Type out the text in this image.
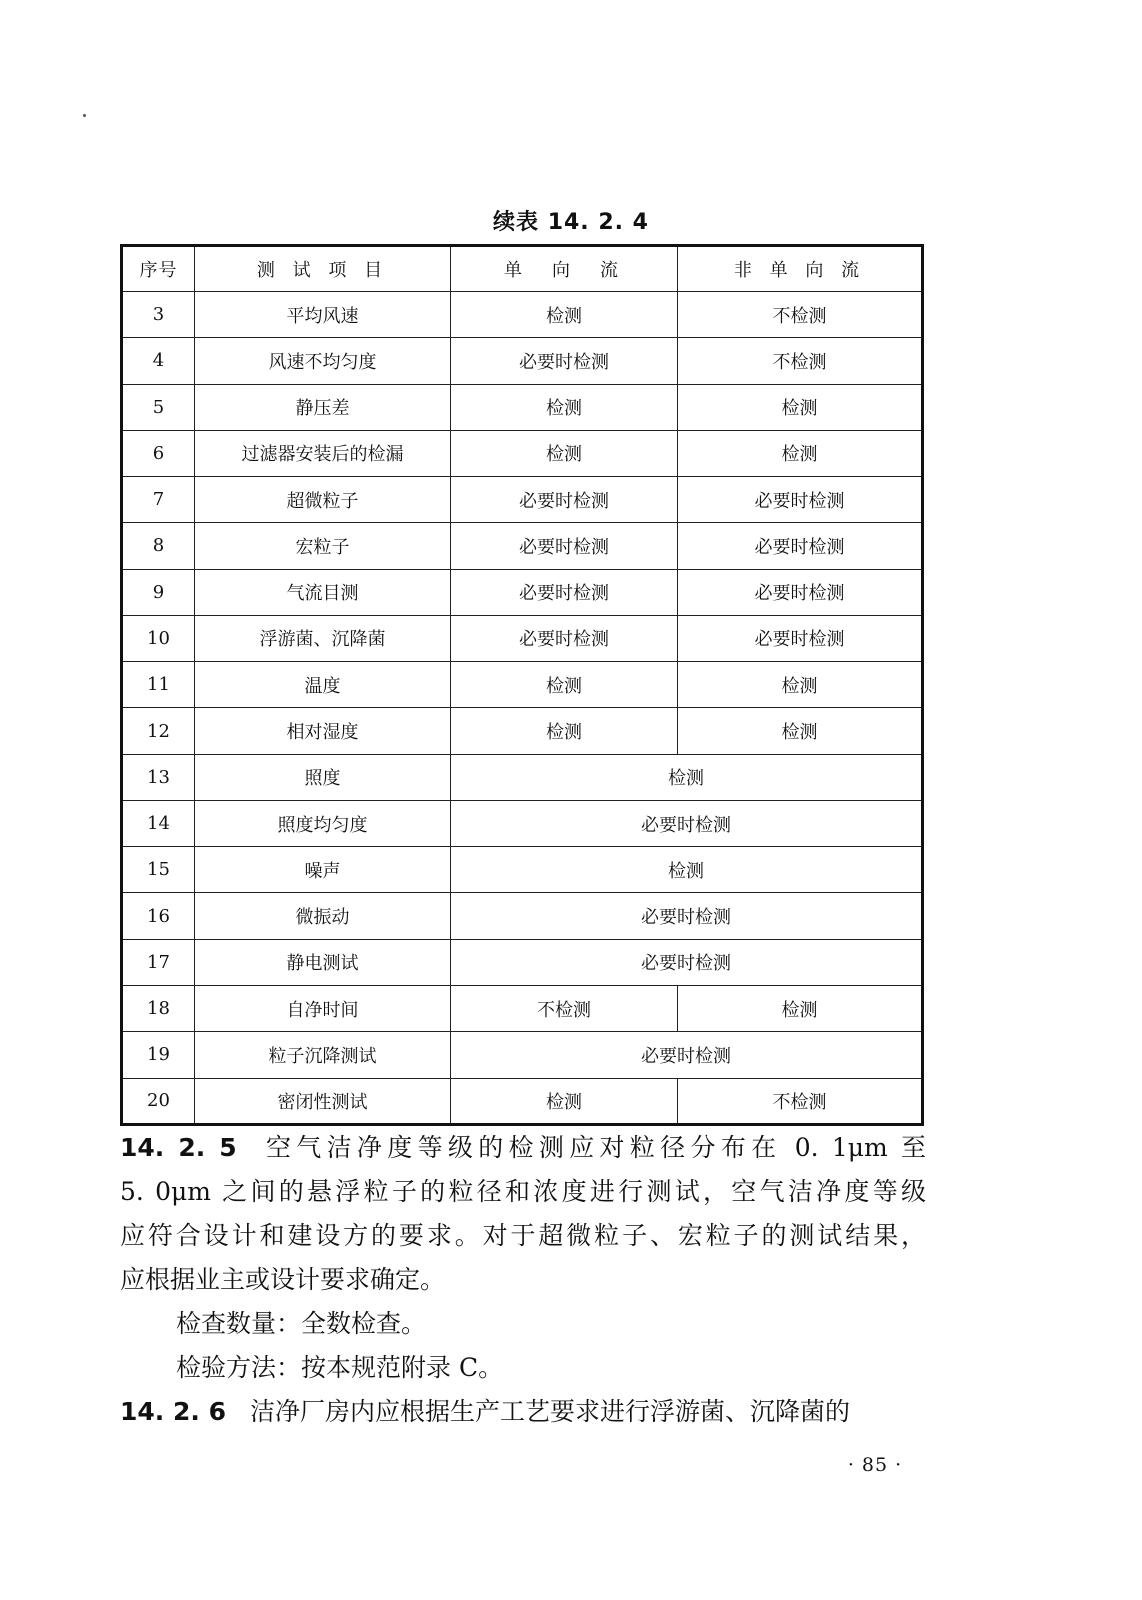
续表 14. 2. 4
序号	测 试 项 目	单　向　流	非 单 向 流
3	平均风速	检测	不检测
4	风速不均匀度	必要时检测	不检测
5	静压差	检测	检测
6	过滤器安装后的检漏	检测	检测
7	超微粒子	必要时检测	必要时检测
8	宏粒子	必要时检测	必要时检测
9	气流目测	必要时检测	必要时检测
10	浮游菌、沉降菌	必要时检测	必要时检测
11	温度	检测	检测
12	相对湿度	检测	检测
13	照度	检测	
14	照度均匀度	必要时检测	
15	噪声	检测	
16	微振动	必要时检测	
17	静电测试	必要时检测	
18	自净时间	不检测	检测
19	粒子沉降测试	必要时检测	
20	密闭性测试	检测	不检测

14. 2. 5 空气洁净度等级的检测应对粒径分布在 0. 1μm 至

5. 0μm 之间的悬浮粒子的粒径和浓度进行测试，空气洁净度等级

应符合设计和建设方的要求。对于超微粒子、宏粒子的测试结果，

应根据业主或设计要求确定。

检查数量：全数检查。

检验方法：按本规范附录 C。

14. 2. 6 洁净厂房内应根据生产工艺要求进行浮游菌、沉降菌的

· 85 ·
